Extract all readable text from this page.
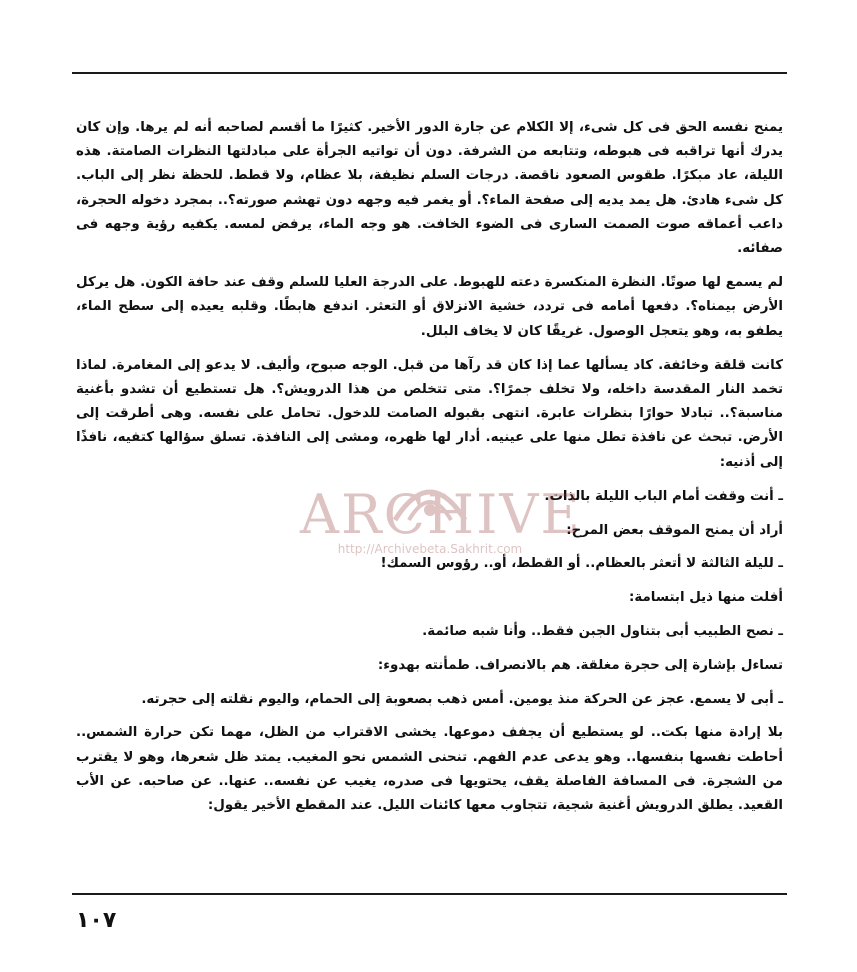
يمنح نفسه الحق فى كل شىء، إلا الكلام عن جارة الدور الأخير. كثيرًا ما أقسم لصاحبه أنه لم يرها. وإن كان يدرك أنها تراقبه فى هبوطه، وتتابعه من الشرفة. دون أن تواتيه الجرأة على مبادلتها النظرات الصامتة. هذه الليلة، عاد مبكرًا. طقوس الصعود ناقصة. درجات السلم نظيفة، بلا عظام، ولا قطط. للحظة نظر إلى الباب. كل شىء هادئ. هل يمد يديه إلى صفحة الماء؟. أو يغمر فيه وجهه دون تهشم صورته؟.. بمجرد دخوله الحجرة، داعب أعماقه صوت الصمت السارى فى الضوء الخافت. هو وجه الماء، يرفض لمسه. يكفيه رؤية وجهه فى صفائه.

لم يسمع لها صوتًا. النظرة المنكسرة دعته للهبوط. على الدرجة العليا للسلم وقف عند حافة الكون. هل يركل الأرض بيمناه؟. دفعها أمامه فى تردد، خشية الانزلاق أو التعثر. اندفع هابطًا. وقلبه يعيده إلى سطح الماء، يطفو به، وهو يتعجل الوصول. غريقًا كان لا يخاف البلل.

كانت قلقة وخائفة. كاد يسألها عما إذا كان قد رآها من قبل. الوجه صبوح، وأليف. لا يدعو إلى المغامرة. لماذا تخمد النار المقدسة داخله، ولا تخلف جمرًا؟. متى تتخلص من هذا الدرويش؟. هل تستطيع أن تشدو بأغنية مناسبة؟.. تبادلا حوارًا بنظرات عابرة. انتهى بقبوله الصامت للدخول. تحامل على نفسه. وهى أطرقت إلى الأرض. تبحث عن نافذة تطل منها على عينيه. أدار لها ظهره، ومشى إلى النافذة. تسلق سؤالها كتفيه، نافذًا إلى أذنيه:

ـ أنت وقفت أمام الباب الليلة بالذات.

أراد أن يمنح الموقف بعض المرح:

ـ لليلة الثالثة لا أتعثر بالعظام.. أو القطط، أو.. رؤوس السمك!

أفلت منها ذيل ابتسامة:

ـ نصح الطبيب أبى بتناول الجبن فقط.. وأنا شبه صائمة.

تساءل بإشارة إلى حجرة مغلقة. هم بالانصراف. طمأنته بهدوء:

ـ أبى لا يسمع. عجز عن الحركة منذ يومين. أمس ذهب بصعوبة إلى الحمام، واليوم نقلته إلى حجرته.

بلا إرادة منها بكت.. لو يستطيع أن يجفف دموعها. يخشى الاقتراب من الظل، مهما تكن حرارة الشمس.. أحاطت نفسها بنفسها.. وهو يدعى عدم الفهم. تنحنى الشمس نحو المغيب. يمتد ظل شعرها، وهو لا يقترب من الشجرة. فى المسافة الفاصلة يقف، يحتويها فى صدره، يغيب عن نفسه.. عنها.. عن صاحبه. عن الأب القعيد. يطلق الدرويش أغنية شجية، تتجاوب معها كائنات الليل. عند المقطع الأخير يقول:

ARCHIVE
http://Archivebeta.Sakhrit.com
١٠٧
